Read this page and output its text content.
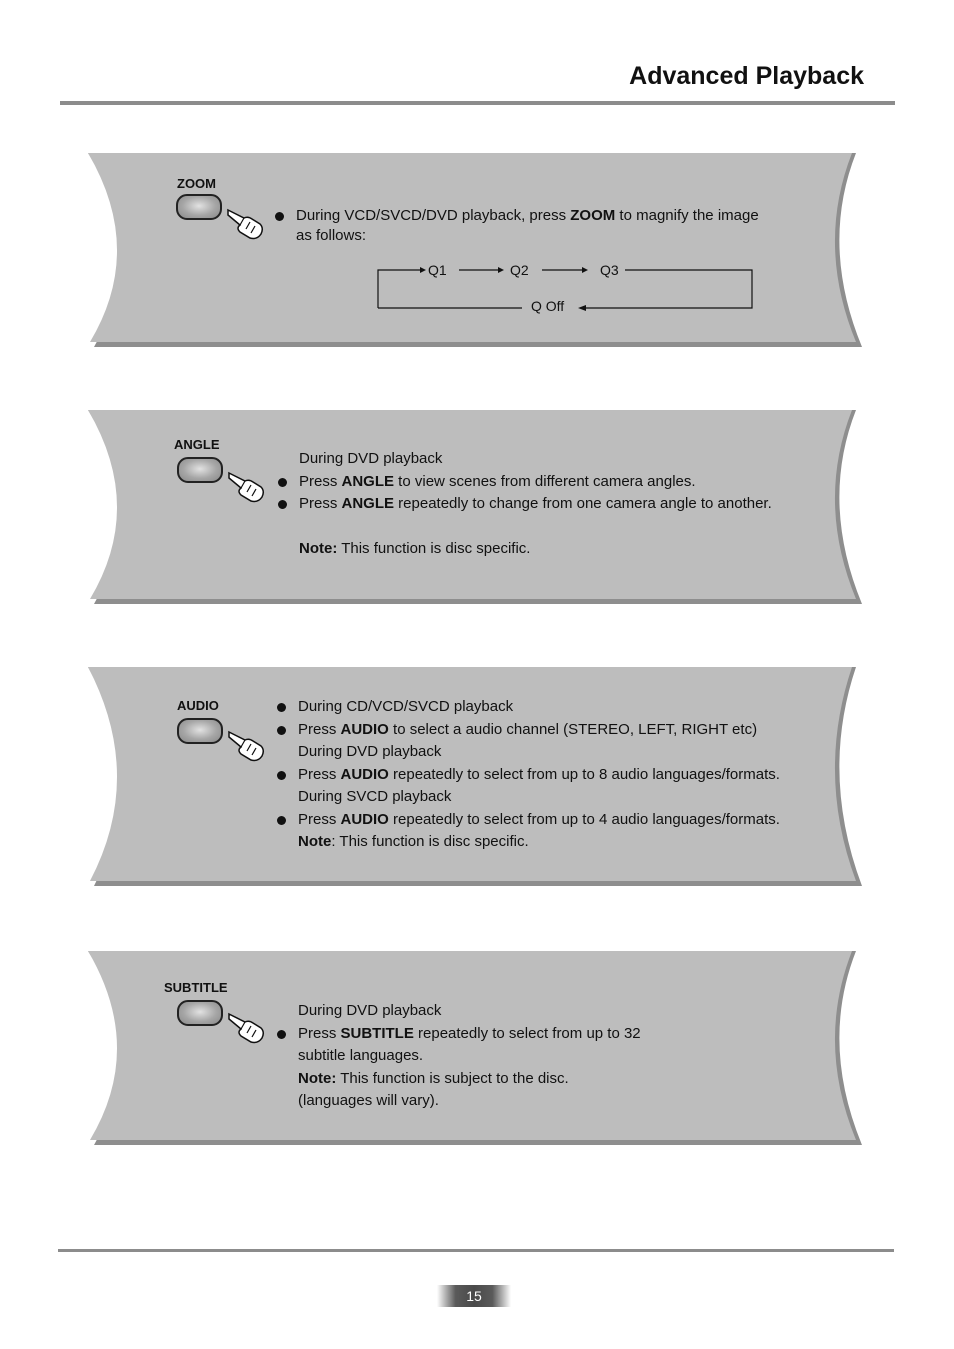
Advanced Playback
ZOOM
During VCD/SVCD/DVD playback, press ZOOM to magnify the image
as follows:
Q1	Q2	Q3
Q Off
ANGLE
During DVD playback
Press ANGLE to view scenes from different camera angles.
Press ANGLE repeatedly to change from one camera angle to another.
Note: This function is disc specific.
AUDIO	During CD/VCD/SVCD playback
Press AUDIO to select a audio channel (STEREO, LEFT, RIGHT etc)
During DVD playback
Press AUDIO repeatedly to select from up to 8 audio languages/formats.
During SVCD playback
Press AUDIO repeatedly to select from up to 4 audio languages/formats.
Note: This function is disc specific.
SUBTITLE
During DVD playback
Press SUBTITLE repeatedly to select from up to 32
subtitle languages.
Note: This function is subject to the disc.
(languages will vary).
15
